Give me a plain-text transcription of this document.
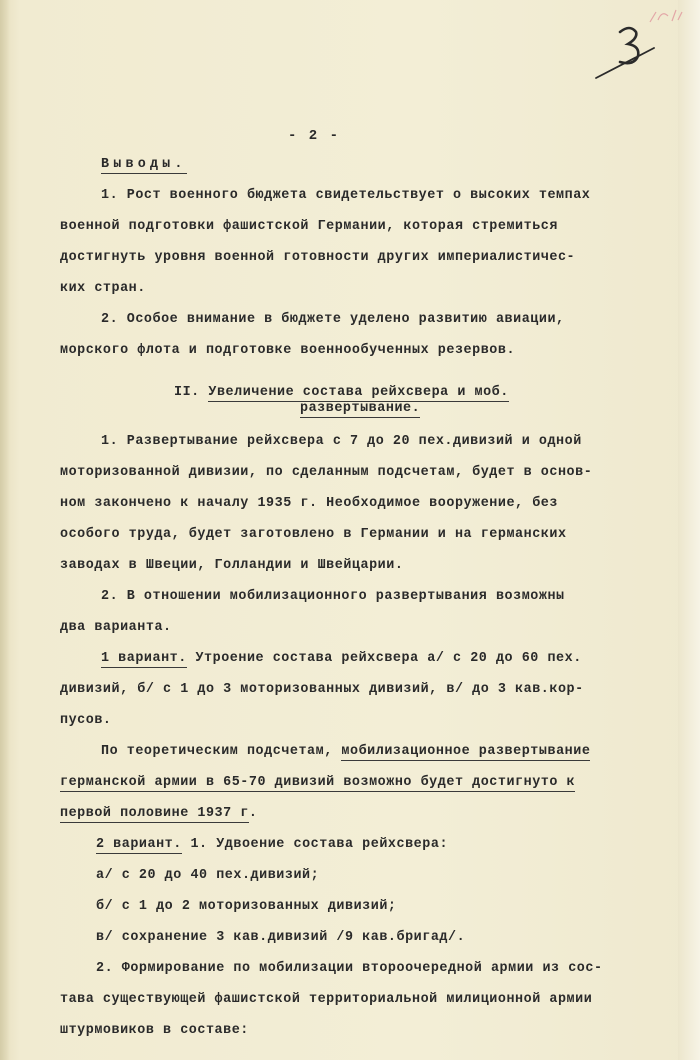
- 2 -
Выводы.
1. Рост военного бюджета свидетельствует о высоких темпах
военной подготовки фашистской Германии, которая стремиться
достигнуть уровня военной готовности других империалистичес-
ких стран.
2. Особое внимание в бюджете уделено развитию авиации,
морского флота и подготовке военнообученных резервов.
II. Увеличение состава рейхсвера и моб.
развертывание.
1. Развертывание рейхсвера с 7 до 20 пех.дивизий и одной
моторизованной дивизии, по сделанным подсчетам, будет в основ-
ном закончено к началу 1935 г. Необходимое вооружение, без
особого труда, будет заготовлено в Германии и на германских
заводах в Швеции, Голландии и Швейцарии.
2. В отношении мобилизационного развертывания возможны
два варианта.
1 вариант. Утроение состава рейхсвера а/ с 20 до 60 пех.
дивизий, б/ с 1 до 3 моторизованных дивизий, в/ до 3 кав.кор-
пусов.
По теоретическим подсчетам, мобилизационное развертывание
германской армии в 65-70 дивизий возможно будет достигнуто к
первой половине 1937 г.
2 вариант. 1. Удвоение состава рейхсвера:
а/ с 20 до 40 пех.дивизий;
б/ с 1 до 2 моторизованных дивизий;
в/ сохранение 3 кав.дивизий /9 кав.бригад/.
2. Формирование по мобилизации второочередной армии из сос-
тава существующей фашистской территориальной милиционной армии
штурмовиков в составе:
